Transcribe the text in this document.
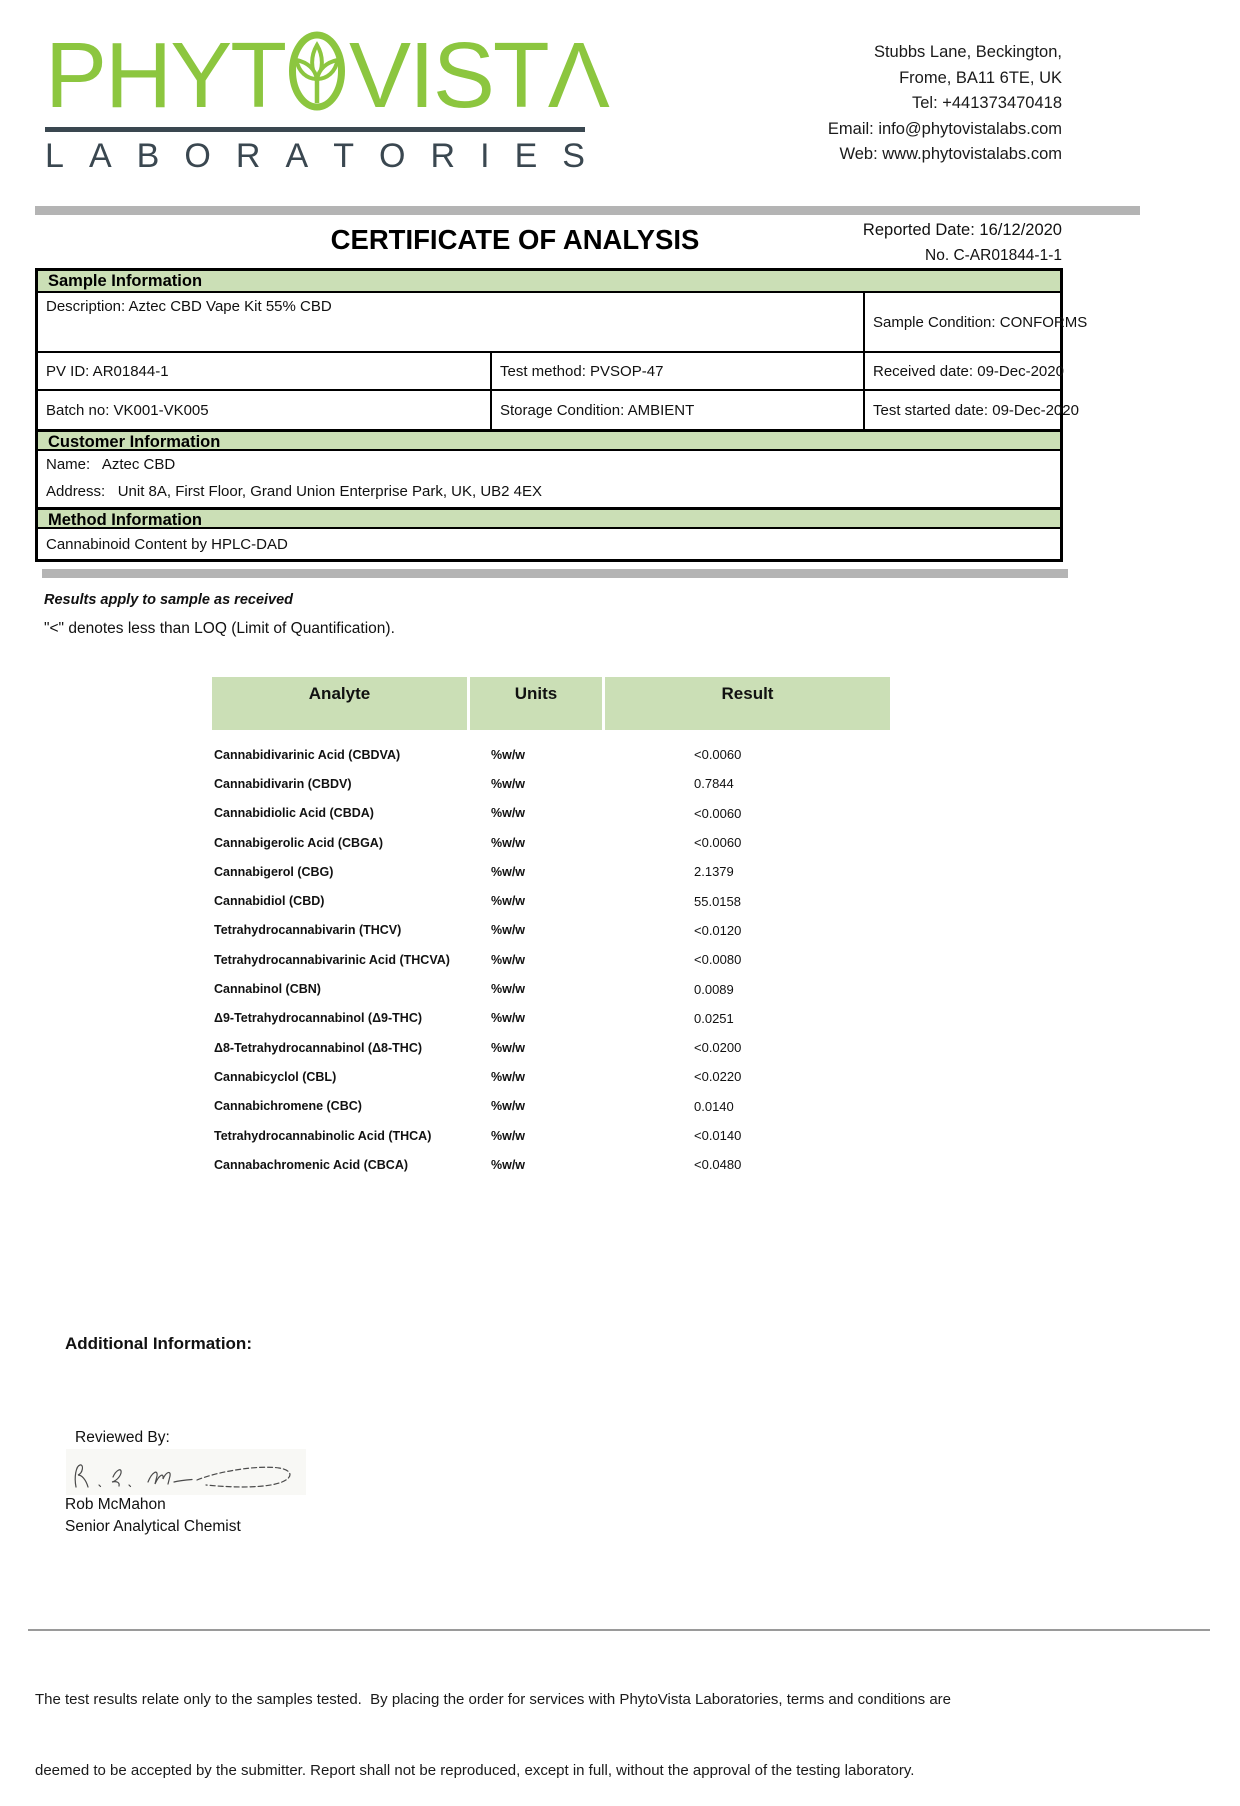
PHYT VISTΛ
L A B O R A T O R I E S
Stubbs Lane, Beckington,
Frome, BA11 6TE, UK
Tel: +441373470418
Email: info@phytovistalabs.com
Web: www.phytovistalabs.com
CERTIFICATE OF ANALYSIS	Reported Date: 16/12/2020
No. C-AR01844-1-1
Sample Information
Description: Aztec CBD Vape Kit 55% CBD
Sample Condition: CONFORMS
PV ID: AR01844-1	Test method: PVSOP-47	Received date: 09-Dec-2020
Batch no: VK001-VK005	Storage Condition: AMBIENT	Test started date: 09-Dec-2020
Customer Information
Name:   Aztec CBD
Address:   Unit 8A, First Floor, Grand Union Enterprise Park, UK, UB2 4EX
Method Information
Cannabinoid Content by HPLC-DAD
Results apply to sample as received
"<" denotes less than LOQ (Limit of Quantification).
Analyte	Units	Result
Cannabidivarinic Acid (CBDVA)	%w/w	<0.0060
Cannabidivarin (CBDV)	%w/w	0.7844
Cannabidiolic Acid (CBDA)	%w/w	<0.0060
Cannabigerolic Acid (CBGA)	%w/w	<0.0060
Cannabigerol (CBG)	%w/w	2.1379
Cannabidiol (CBD)	%w/w	55.0158
Tetrahydrocannabivarin (THCV)	%w/w	<0.0120
Tetrahydrocannabivarinic Acid (THCVA)	%w/w	<0.0080
Cannabinol (CBN)	%w/w	0.0089
Δ9-Tetrahydrocannabinol (Δ9-THC)	%w/w	0.0251
Δ8-Tetrahydrocannabinol (Δ8-THC)	%w/w	<0.0200
Cannabicyclol (CBL)	%w/w	<0.0220
Cannabichromene (CBC)	%w/w	0.0140
Tetrahydrocannabinolic Acid (THCA)	%w/w	<0.0140
Cannabachromenic Acid (CBCA)	%w/w	<0.0480
Additional Information:
Reviewed By:
Rob McMahon
Senior Analytical Chemist

The test results relate only to the samples tested.  By placing the order for services with PhytoVista Laboratories, terms and conditions are

deemed to be accepted by the submitter. Report shall not be reproduced, except in full, without the approval of the testing laboratory.
